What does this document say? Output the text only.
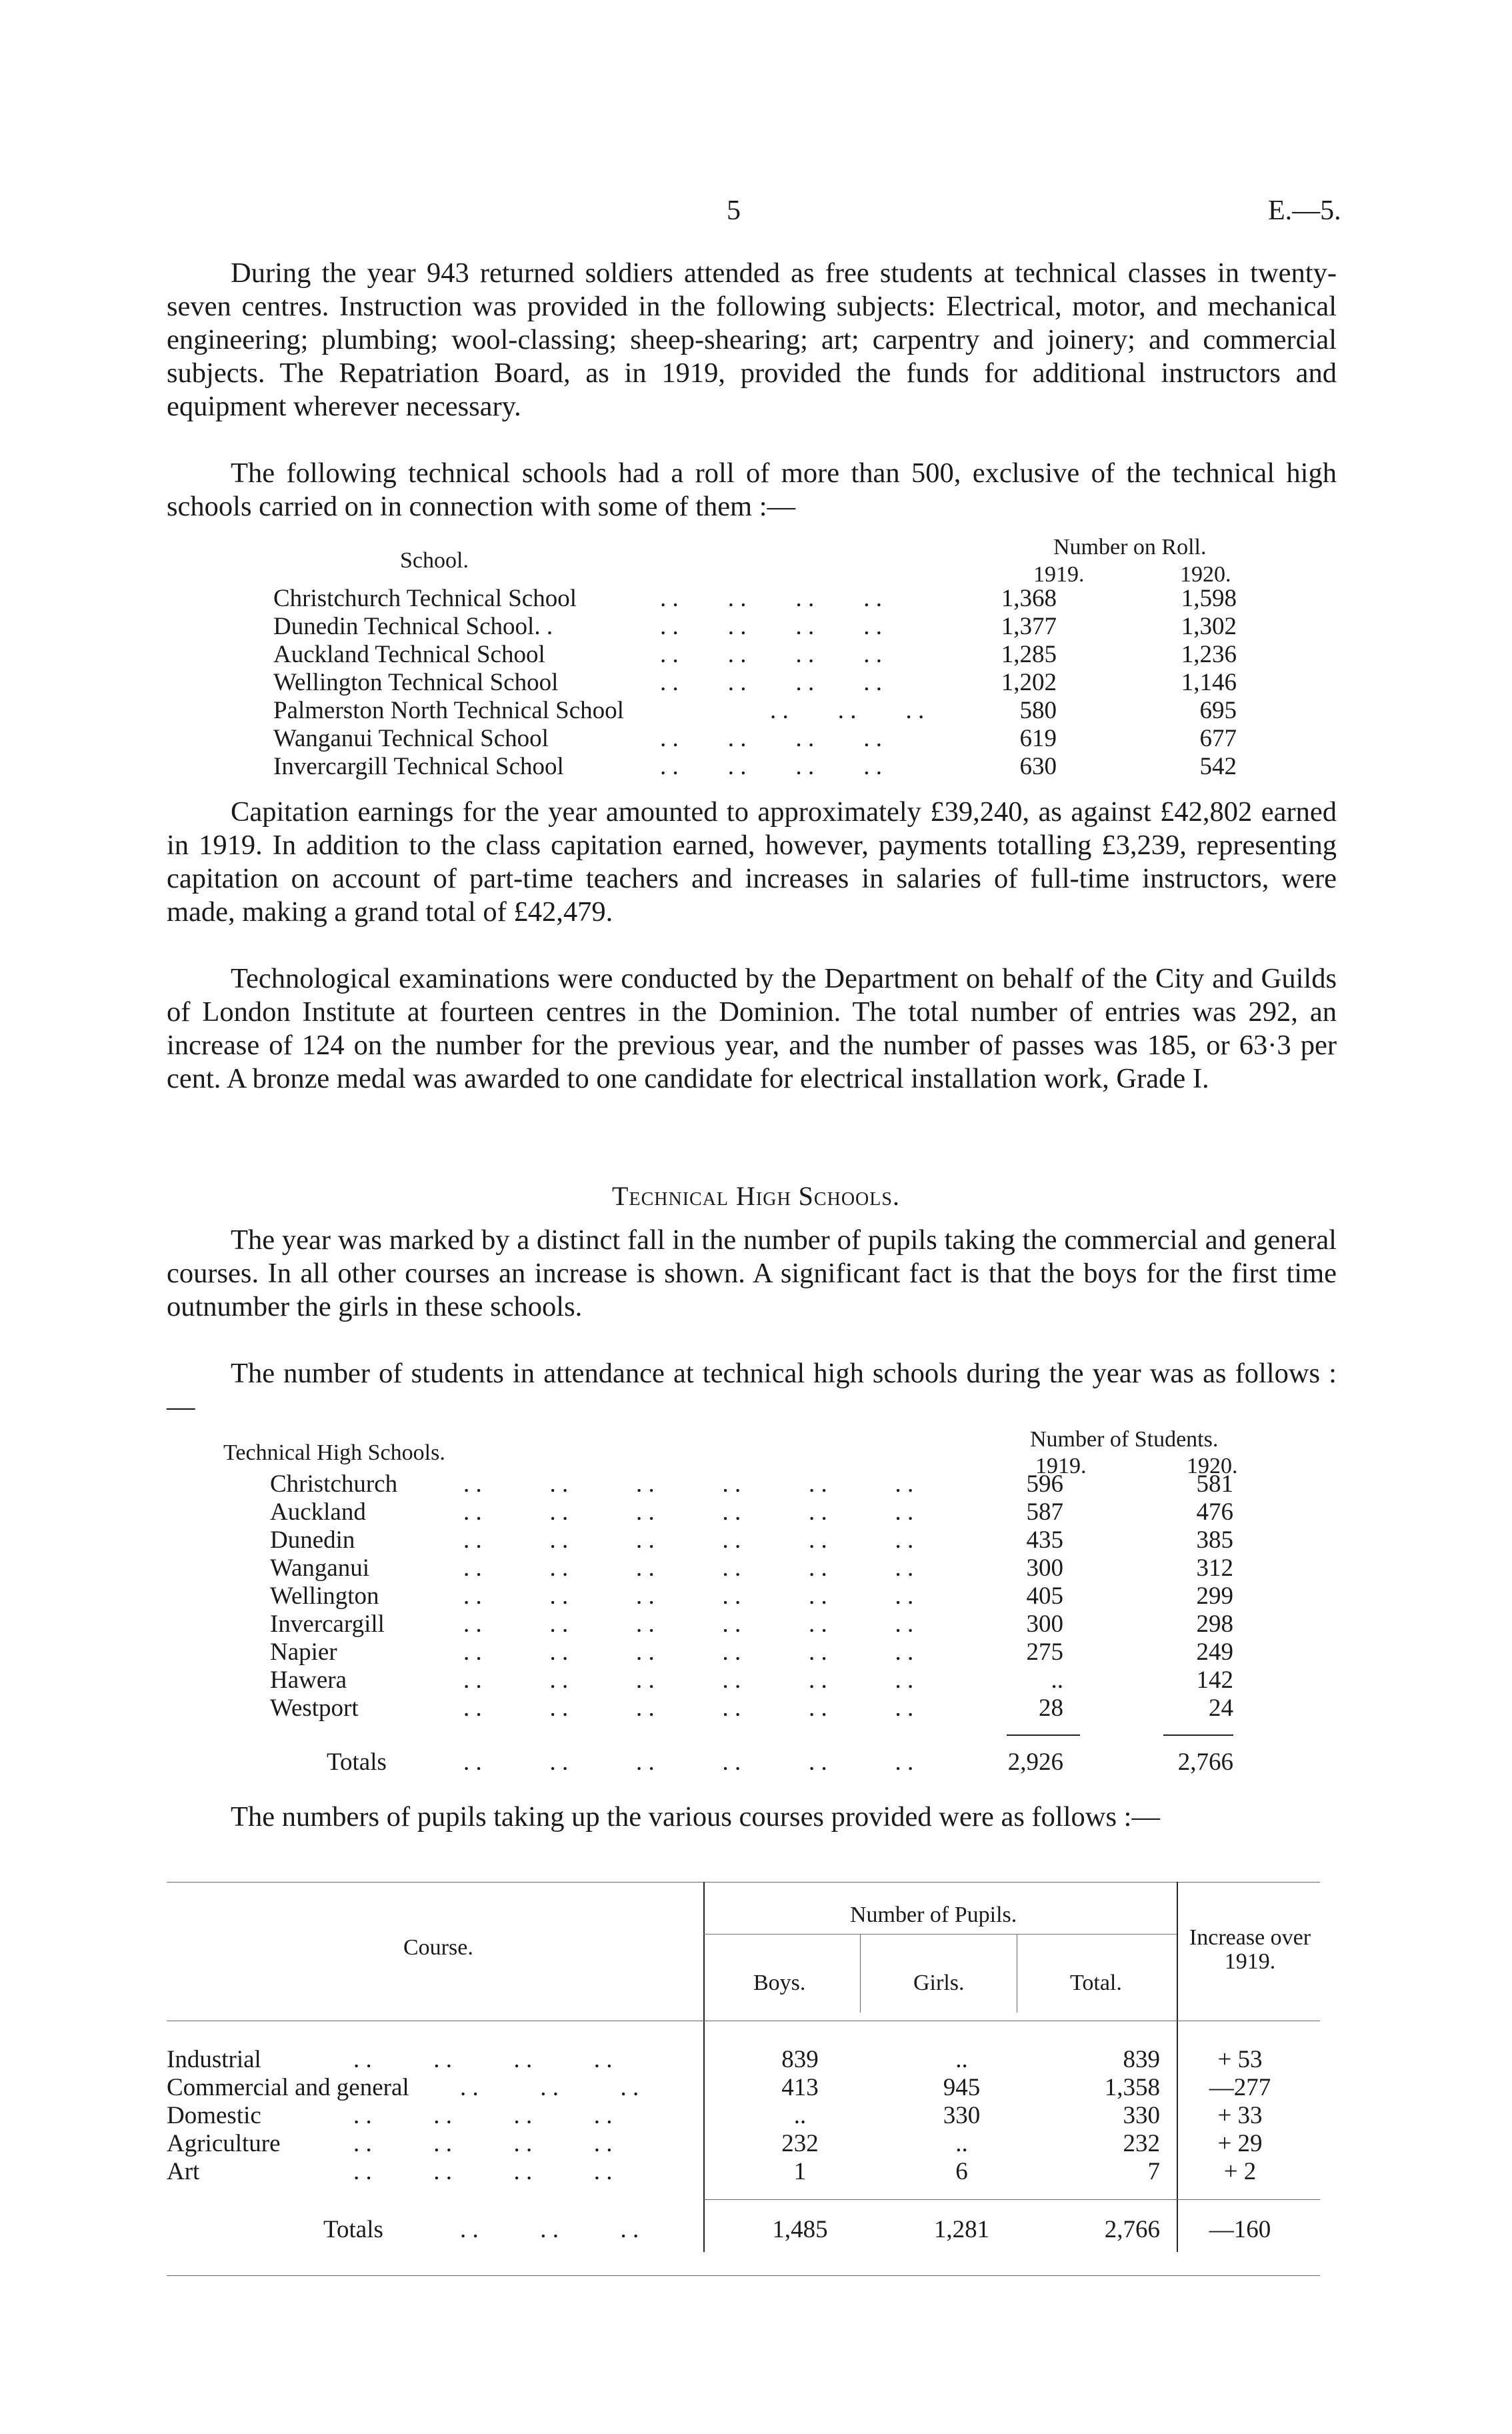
5	E.—5.

During the year 943 returned soldiers attended as free students at technical classes in twenty-seven centres. Instruction was provided in the following subjects: Electrical, motor, and mechanical engineering; plumbing; wool-classing; sheep-shearing; art; carpentry and joinery; and commercial subjects. The Repatriation Board, as in 1919, provided the funds for additional instructors and equipment wherever necessary.

The following technical schools had a roll of more than 500, exclusive of the technical high schools carried on in connection with some of them :—

School.
Number on Roll.
1919.	1920.
Christchurch Technical School	. .        . .        . .        . .	1,368	1,598
Dunedin Technical School. .	. .        . .        . .        . .	1,377	1,302
Auckland Technical School	. .        . .        . .        . .	1,285	1,236
Wellington Technical School	. .        . .        . .        . .	1,202	1,146
Palmerston North Technical School	. .        . .        . .	580	695
Wanganui Technical School	. .        . .        . .        . .	619	677
Invercargill Technical School	. .        . .        . .        . .	630	542

Capitation earnings for the year amounted to approximately £39,240, as against £42,802 earned in 1919. In addition to the class capitation earned, however, payments totalling £3,239, representing capitation on account of part-time teachers and increases in salaries of full-time instructors, were made, making a grand total of £42,479.

Technological examinations were conducted by the Department on behalf of the City and Guilds of London Institute at fourteen centres in the Dominion. The total number of entries was 292, an increase of 124 on the number for the previous year, and the number of passes was 185, or 63·3 per cent. A bronze medal was awarded to one candidate for electrical installation work, Grade I.

Technical High Schools.

The year was marked by a distinct fall in the number of pupils taking the commercial and general courses. In all other courses an increase is shown. A significant fact is that the boys for the first time outnumber the girls in these schools.

The number of students in attendance at technical high schools during the year was as follows :—

Technical High Schools.
Number of Students.
1919.	1920.
Christchurch	. .           . .           . .           . .           . .           . .	596	581
Auckland	. .           . .           . .           . .           . .           . .	587	476
Dunedin	. .           . .           . .           . .           . .           . .	435	385
Wanganui	. .           . .           . .           . .           . .           . .	300	312
Wellington	. .           . .           . .           . .           . .           . .	405	299
Invercargill	. .           . .           . .           . .           . .           . .	300	298
Napier	. .           . .           . .           . .           . .           . .	275	249
Hawera	. .           . .           . .           . .           . .           . .	..	142
Westport	. .           . .           . .           . .           . .           . .	28	24
Totals	. .           . .           . .           . .           . .           . .	2,926	2,766

The numbers of pupils taking up the various courses provided were as follows :—

Course.
Number of Pupils.
Boys.	Girls.	Total.
Increase over 1919.
Industrial	. .          . .          . .          . .	839	..	839	+ 53
Commercial and general . .          . .          . .	413	945	1,358	—277
Domestic	. .          . .          . .          . .	..	330	330	+ 33
Agriculture	. .          . .          . .          . .	232	..	232	+ 29
Art	. .          . .          . .          . .	1	6	7	+ 2
Totals	. .          . .          . .	1,485	1,281	2,766	—160
